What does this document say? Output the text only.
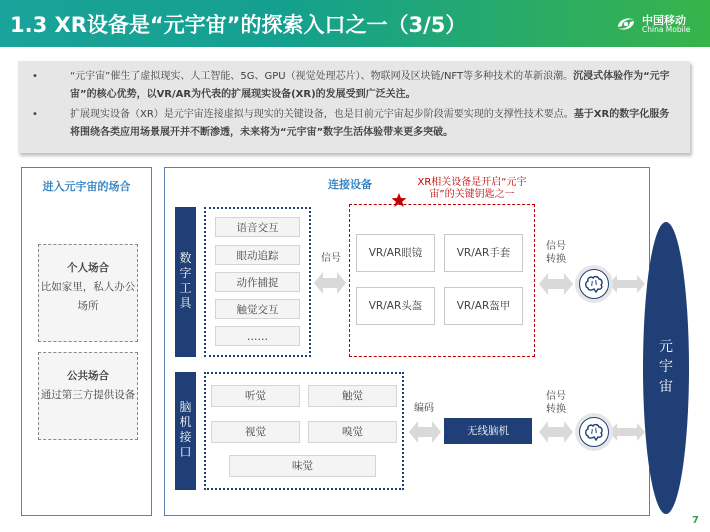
1.3 XR设备是“元宇宙”的探索入口之一（3/5）	中国移动
China Mobile
• “元宇宙”催生了虚拟现实、人工智能、5G、GPU（视觉处理芯片）、物联网及区块链/NFT等多种技术的革新浪潮。沉浸式体验作为“元宇宙”的核心优势，以VR/AR为代表的扩展现实设备(XR)的发展受到广泛关注。
• 扩展现实设备（XR）是元宇宙连接虚拟与现实的关键设备，也是目前元宇宙起步阶段需要实现的支撑性技术要点。基于XR的数字化服务将围绕各类应用场景展开并不断渗透，未来将为“元宇宙”数字生活体验带来更多突破。
进入元宇宙的场合
个人场合
比如家里，私人办公场所
公共场合
通过第三方提供设备
连接设备
数字工具
脑机接口
语音交互
眼动追踪
动作捕捉
触觉交互
……
听觉	触觉
视觉	嗅觉
味觉
XR相关设备是开启“元宇宙”的关键钥匙之一
VR/AR眼镜	VR/AR手套
VR/AR头盔	VR/AR盔甲
无线脑机
信号
编码
信号转换
信号转换
元宇宙
7
